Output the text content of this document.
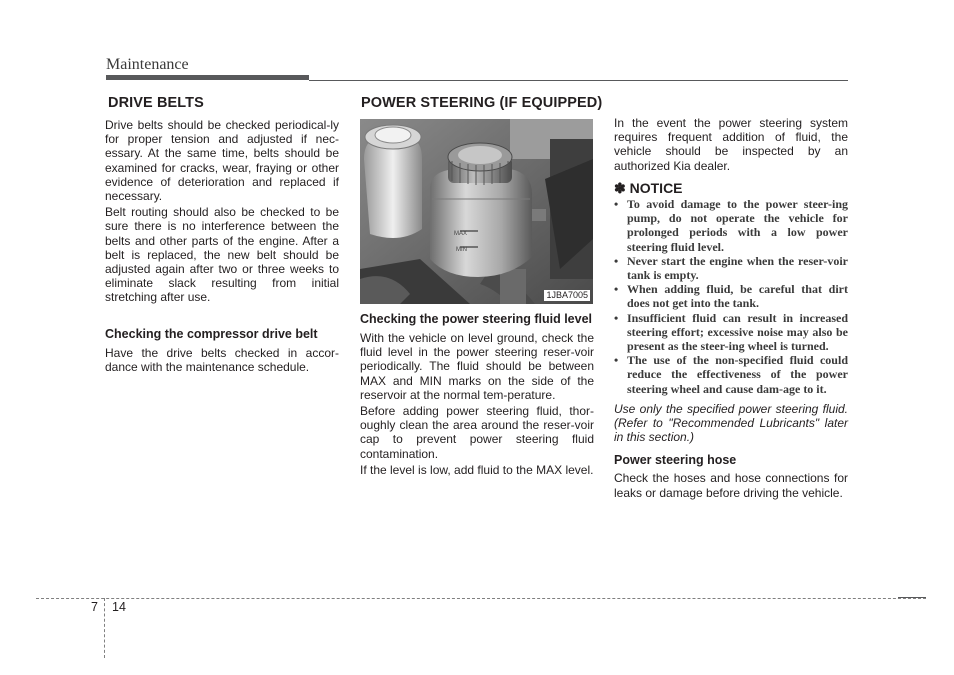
Maintenance
DRIVE BELTS	POWER STEERING (IF EQUIPPED)

Drive belts should be checked periodical-ly for proper tension and adjusted if nec-essary. At the same time, belts should be examined for cracks, wear, fraying or other evidence of deterioration and replaced if necessary.

Belt routing should also be checked to be sure there is no interference between the belts and other parts of the engine. After a belt is replaced, the new belt should be adjusted again after two or three weeks to eliminate slack resulting from initial stretching after use.

Checking the compressor drive belt

Have the drive belts checked in accor-dance with the maintenance schedule.

MAX
MIN
1JBA7005
Checking the power steering fluid level

With the vehicle on level ground, check the fluid level in the power steering reser-voir periodically. The fluid should be between MAX and MIN marks on the side of the reservoir at the normal tem-perature.

Before adding power steering fluid, thor-oughly clean the area around the reser-voir cap to prevent power steering fluid contamination.

If the level is low, add fluid to the MAX level.

In the event the power steering system requires frequent addition of fluid, the vehicle should be inspected by an authorized Kia dealer.

✽ NOTICE
• To avoid damage to the power steer-ing pump, do not operate the vehicle for prolonged periods with a low power steering fluid level.
• Never start the engine when the reser-voir tank is empty.
• When adding fluid, be careful that dirt does not get into the tank.
• Insufficient fluid can result in increased steering effort; excessive noise may also be present as the steer-ing wheel is turned.
• The use of the non-specified fluid could reduce the effectiveness of the power steering wheel and cause dam-age to it.

Use only the specified power steering fluid. (Refer to "Recommended Lubricants" later in this section.)

Power steering hose

Check the hoses and hose connections for leaks or damage before driving the vehicle.

7 14
